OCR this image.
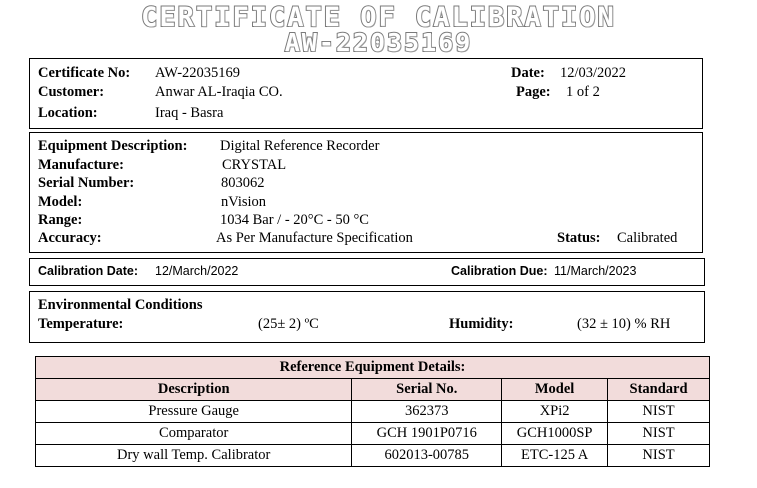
CERTIFICATE OF CALIBRATION
AW-22035169
Certificate No: AW-22035169
Customer:	Anwar AL-Iraqia CO.
Location:	Iraq - Basra
Date: 12/03/2022
Page: 1 of 2
Equipment Description: Digital Reference Recorder
Manufacture:	CRYSTAL
Serial Number:	803062
Model:	nVision
Range:	1034 Bar / - 20°C - 50 °C
Accuracy:	As Per Manufacture Specification	Status: Calibrated
Calibration Date: 12/March/2022	Calibration Due: 11/March/2023
Environmental Conditions
Temperature:	(25± 2) ºC	Humidity:	(32 ± 10) % RH
Reference Equipment Details:			
Description	Serial No.	Model	Standard
Pressure Gauge	362373	XPi2	NIST
Comparator	GCH 1901P0716	GCH1000SP	NIST
Dry wall Temp. Calibrator	602013-00785	ETC-125 A	NIST
